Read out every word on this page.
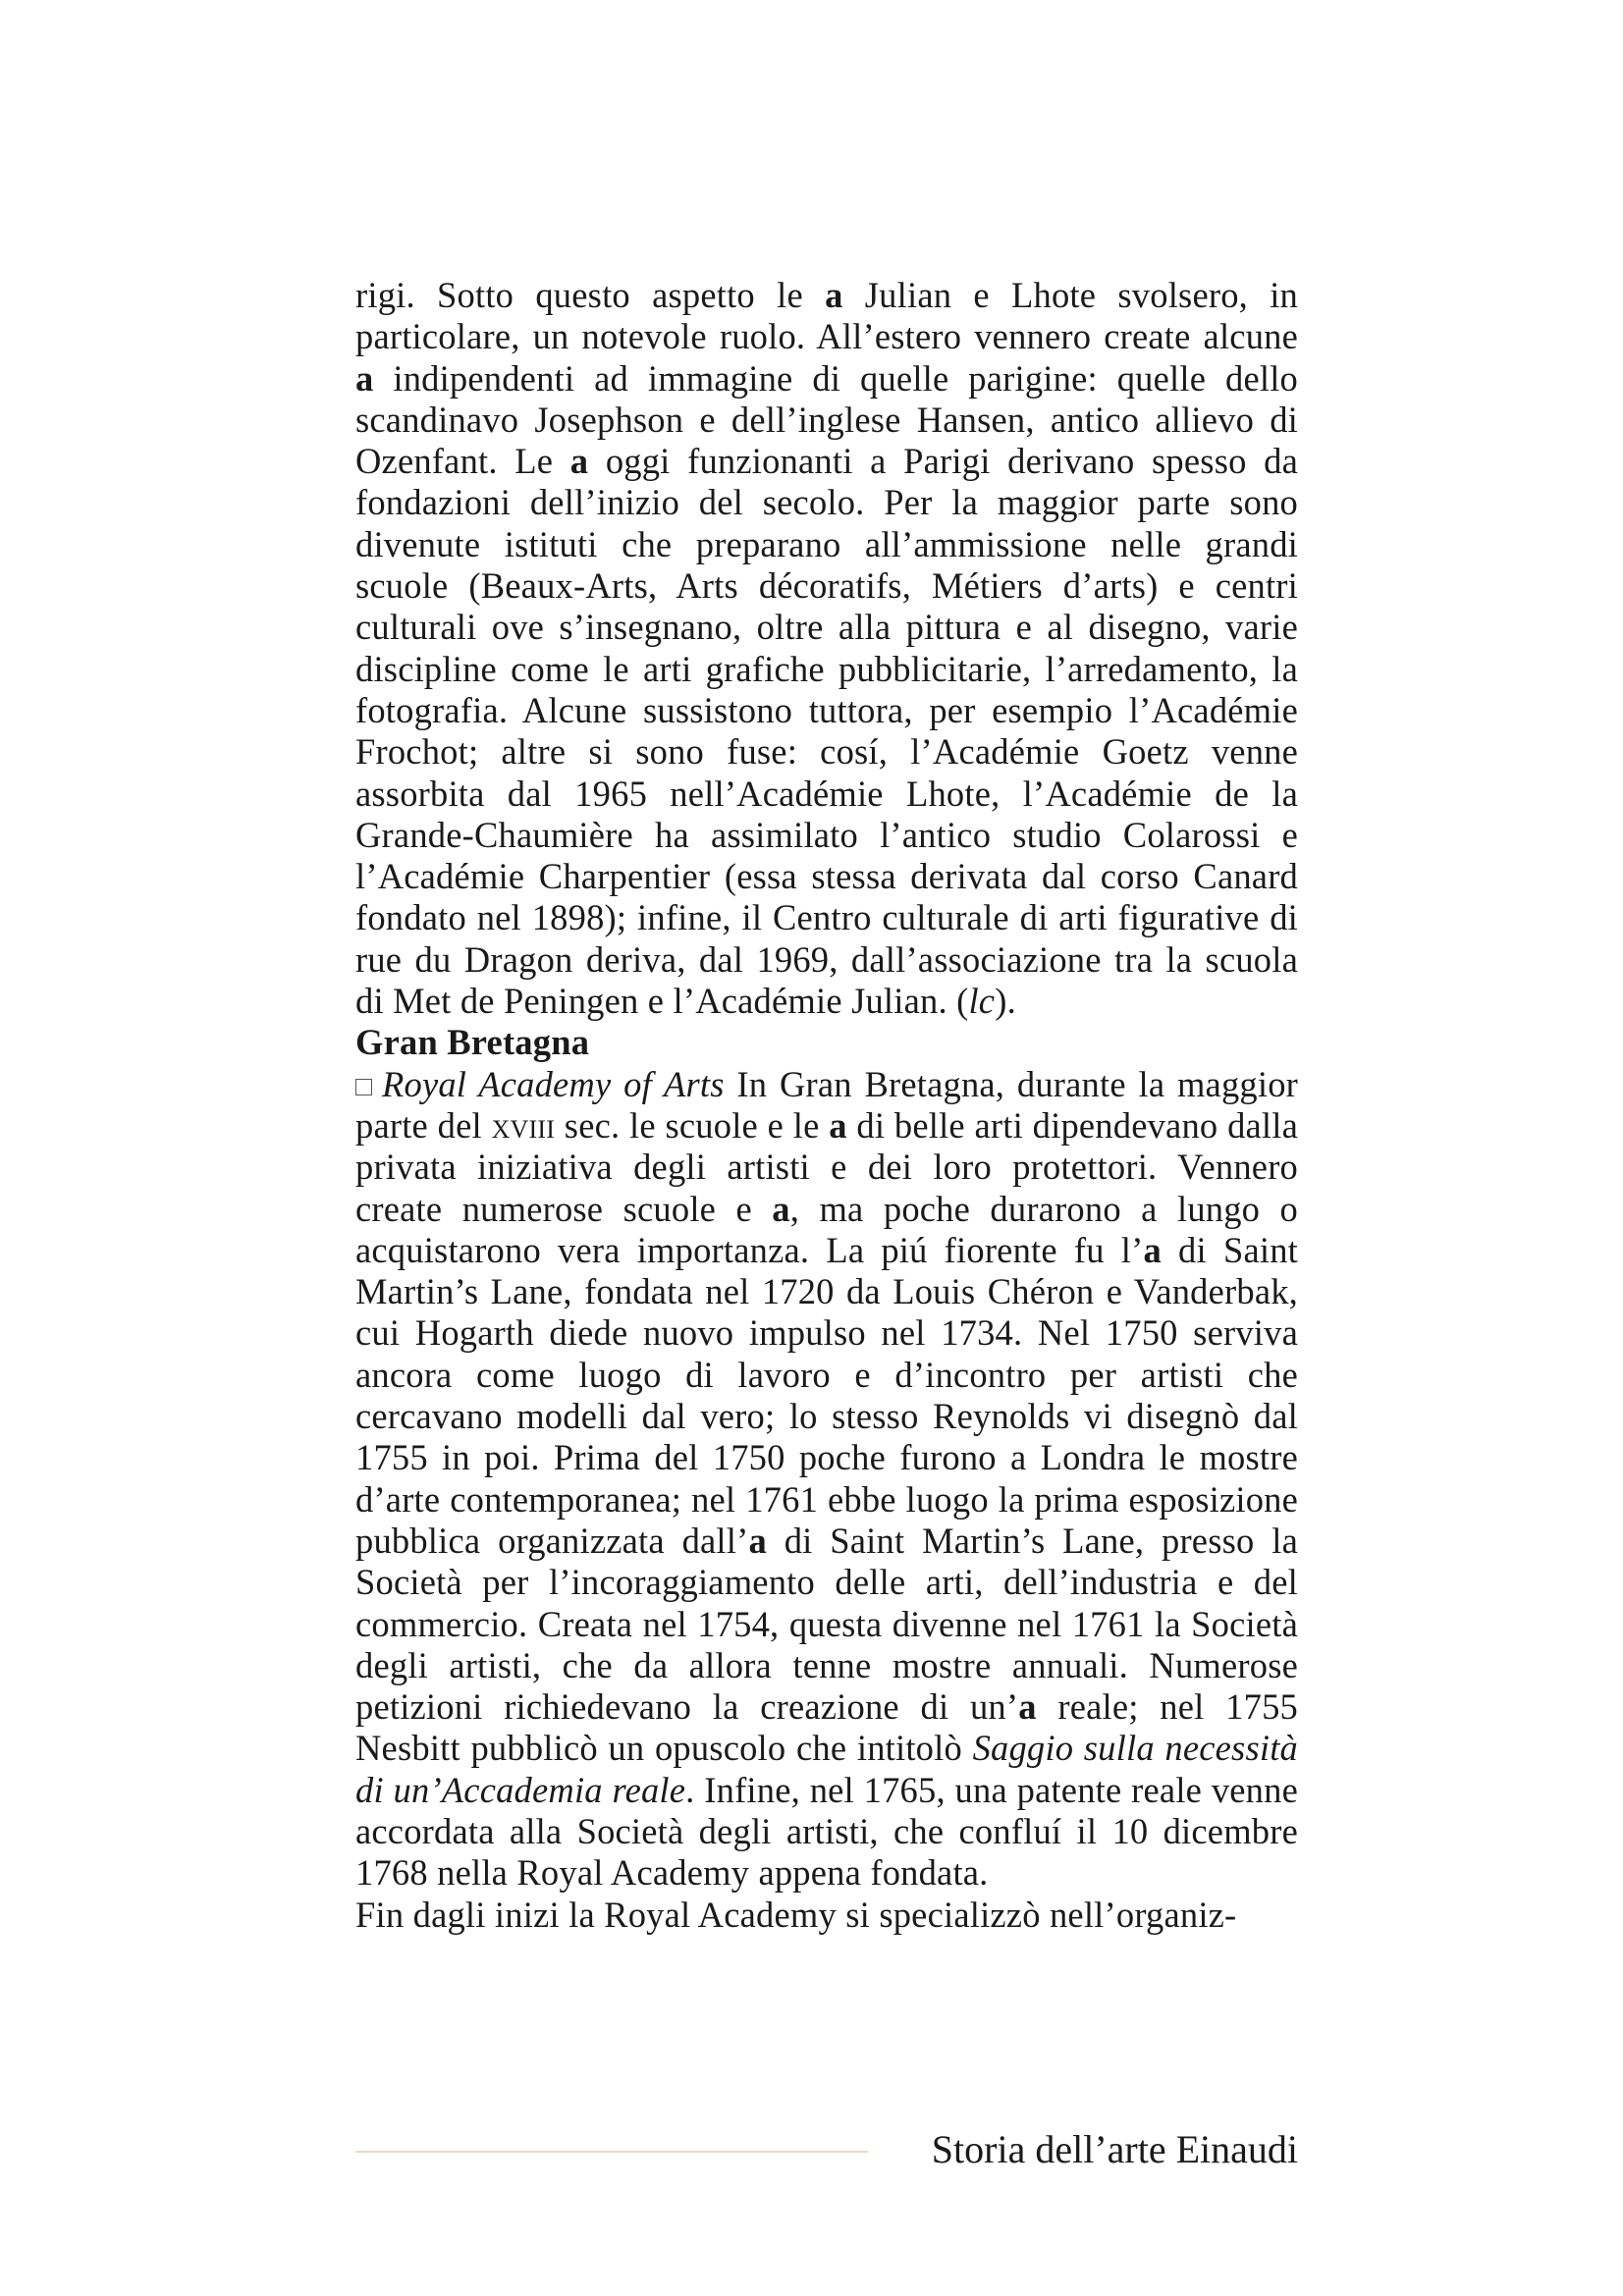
rigi. Sotto questo aspetto le a Julian e Lhote svolsero, in particolare, un notevole ruolo. All’estero vennero create alcune a indipendenti ad immagine di quelle parigine: quelle dello scandinavo Josephson e dell’inglese Hansen, antico allievo di Ozenfant. Le a oggi funzionanti a Parigi derivano spesso da fondazioni dell’inizio del secolo. Per la maggior parte sono divenute istituti che preparano all’ammissione nelle grandi scuole (Beaux-Arts, Arts décoratifs, Métiers d’arts) e centri culturali ove s’insegnano, oltre alla pittura e al disegno, varie discipline come le arti grafiche pubblicitarie, l’arredamento, la fotografia. Alcune sussistono tuttora, per esempio l’Académie Frochot; altre si sono fuse: cosí, l’Académie Goetz venne assorbita dal 1965 nell’Académie Lhote, l’Académie de la Grande-Chaumière ha assimilato l’antico studio Colarossi e l’Académie Charpentier (essa stessa derivata dal corso Canard fondato nel 1898); infine, il Centro culturale di arti figurative di rue du Dragon deriva, dal 1969, dall’associazione tra la scuola di Met de Peningen e l’Académie Julian. (lc).

Gran Bretagna

Royal Academy of Arts In Gran Bretagna, durante la maggior parte del xviii sec. le scuole e le a di belle arti dipendevano dalla privata iniziativa degli artisti e dei loro protettori. Vennero create numerose scuole e a, ma poche durarono a lungo o acquistarono vera importanza. La piú fiorente fu l’a di Saint Martin’s Lane, fondata nel 1720 da Louis Chéron e Vanderbak, cui Hogarth diede nuovo impulso nel 1734. Nel 1750 serviva ancora come luogo di lavoro e d’incontro per artisti che cercavano modelli dal vero; lo stesso Reynolds vi disegnò dal 1755 in poi. Prima del 1750 poche furono a Londra le mostre d’arte contemporanea; nel 1761 ebbe luogo la prima esposizione pubblica organizzata dall’a di Saint Martin’s Lane, presso la Società per l’incoraggiamento delle arti, dell’industria e del commercio. Creata nel 1754, questa divenne nel 1761 la Società degli artisti, che da allora tenne mostre annuali. Numerose petizioni richiedevano la creazione di un’a reale; nel 1755 Nesbitt pubblicò un opuscolo che intitolò Saggio sulla necessità di un’Accademia reale. Infine, nel 1765, una patente reale venne accordata alla Società degli artisti, che confluí il 10 dicembre 1768 nella Royal Academy appena fondata.

Fin dagli inizi la Royal Academy si specializzò nell’organiz-

Storia dell’arte Einaudi
